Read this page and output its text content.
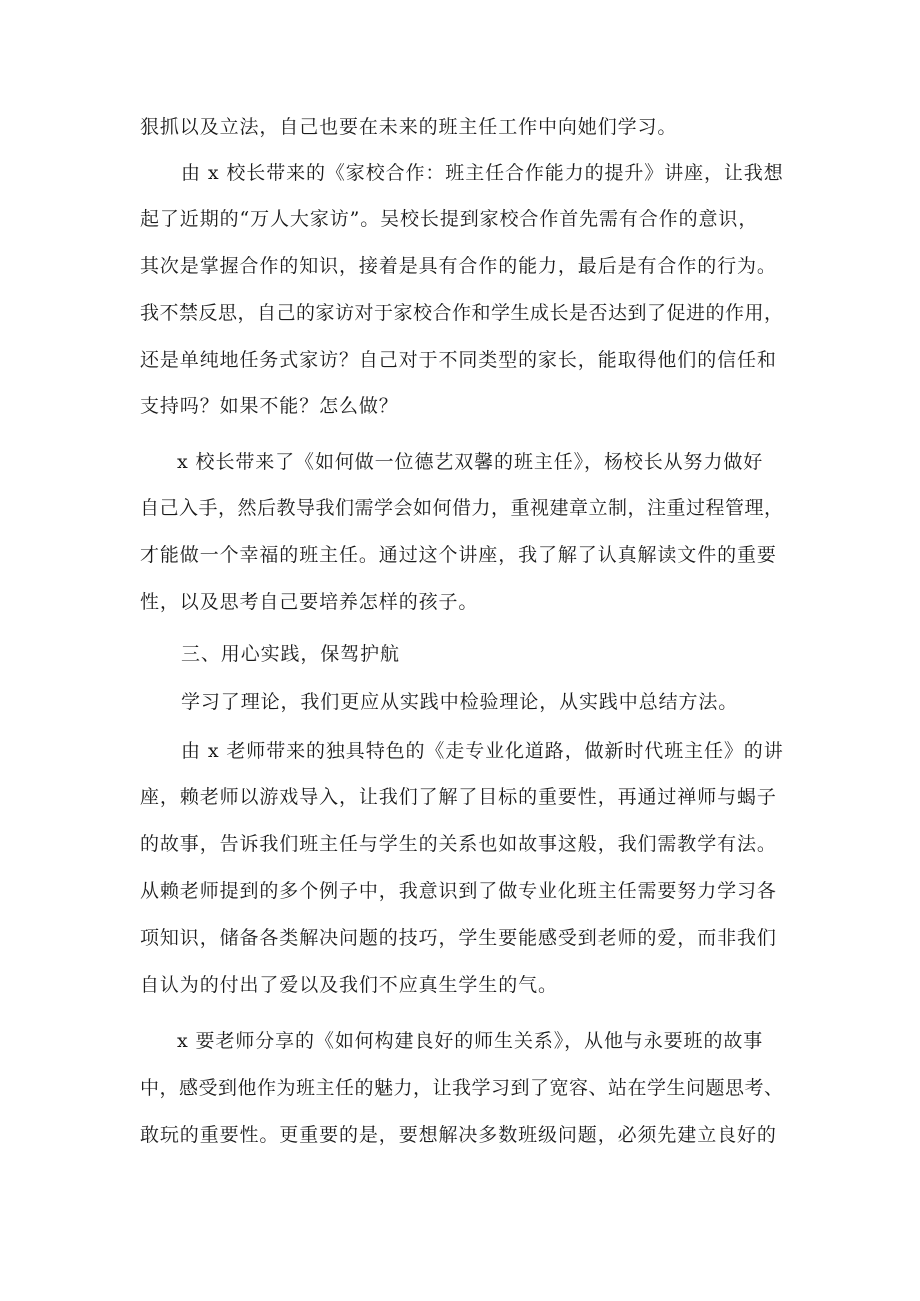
狠抓以及立法，自己也要在未来的班主任工作中向她们学习。

由 x 校长带来的《家校合作：班主任合作能力的提升》讲座，让我想

起了近期的“万人大家访”。吴校长提到家校合作首先需有合作的意识，

其次是掌握合作的知识，接着是具有合作的能力，最后是有合作的行为。

我不禁反思，自己的家访对于家校合作和学生成长是否达到了促进的作用，

还是单纯地任务式家访？自己对于不同类型的家长，能取得他们的信任和

支持吗？如果不能？怎么做？

x 校长带来了《如何做一位德艺双馨的班主任》，杨校长从努力做好

自己入手，然后教导我们需学会如何借力，重视建章立制，注重过程管理，

才能做一个幸福的班主任。通过这个讲座，我了解了认真解读文件的重要

性，以及思考自己要培养怎样的孩子。

三、用心实践，保驾护航

学习了理论，我们更应从实践中检验理论，从实践中总结方法。

由 x 老师带来的独具特色的《走专业化道路，做新时代班主任》的讲

座，赖老师以游戏导入，让我们了解了目标的重要性，再通过禅师与蝎子

的故事，告诉我们班主任与学生的关系也如故事这般，我们需教学有法。

从赖老师提到的多个例子中，我意识到了做专业化班主任需要努力学习各

项知识，储备各类解决问题的技巧，学生要能感受到老师的爱，而非我们

自认为的付出了爱以及我们不应真生学生的气。

x 要老师分享的《如何构建良好的师生关系》，从他与永要班的故事

中，感受到他作为班主任的魅力，让我学习到了宽容、站在学生问题思考、

敢玩的重要性。更重要的是，要想解决多数班级问题，必须先建立良好的
